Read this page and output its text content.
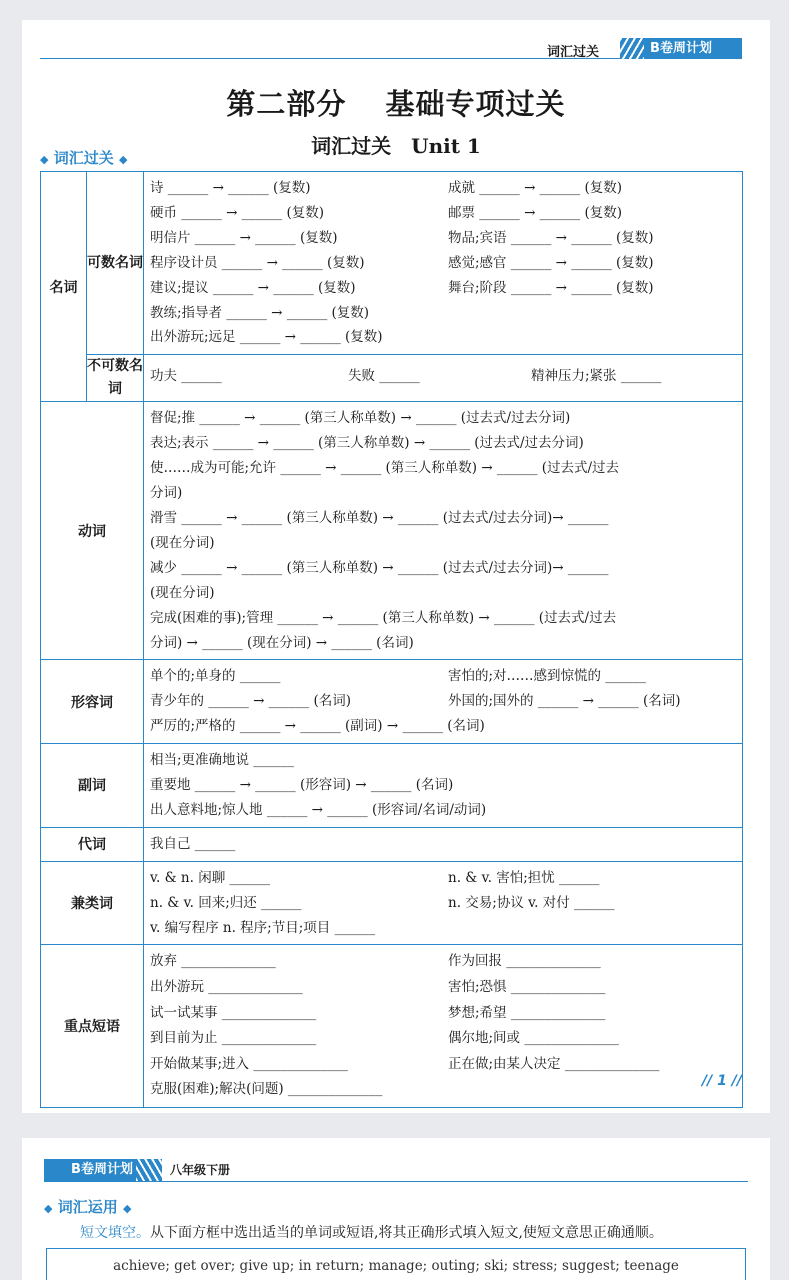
词汇过关	B卷周计划
第二部分 基础专项过关
词汇过关　Unit 1
◆ 词汇过关 ◆
名词
可数名词
诗 ______ → ______ (复数)	成就 ______ → ______ (复数)
硬币 ______ → ______ (复数)	邮票 ______ → ______ (复数)
明信片 ______ → ______ (复数)	物品;宾语 ______ → ______ (复数)
程序设计员 ______ → ______ (复数)	感觉;感官 ______ → ______ (复数)
建议;提议 ______ → ______ (复数)	舞台;阶段 ______ → ______ (复数)
教练;指导者 ______ → ______ (复数)
出外游玩;远足 ______ → ______ (复数)
不可数名词
功夫 ______	失败 ______	精神压力;紧张 ______
动词
督促;推 ______ → ______ (第三人称单数) → ______ (过去式/过去分词)
表达;表示 ______ → ______ (第三人称单数) → ______ (过去式/过去分词)
使……成为可能;允许 ______ → ______ (第三人称单数) → ______ (过去式/过去
分词)
滑雪 ______ → ______ (第三人称单数) → ______ (过去式/过去分词)→ ______
(现在分词)
减少 ______ → ______ (第三人称单数) → ______ (过去式/过去分词)→ ______
(现在分词)
完成(困难的事);管理 ______ → ______ (第三人称单数) → ______ (过去式/过去
分词) → ______ (现在分词) → ______ (名词)
形容词
单个的;单身的 ______	害怕的;对……感到惊慌的 ______
青少年的 ______ → ______ (名词)	外国的;国外的 ______ → ______ (名词)
严厉的;严格的 ______ → ______ (副词) → ______ (名词)
副词
相当;更准确地说 ______
重要地 ______ → ______ (形容词) → ______ (名词)
出人意料地;惊人地 ______ → ______ (形容词/名词/动词)
代词	我自己 ______
兼类词
v. & n. 闲聊 ______	n. & v. 害怕;担忧 ______
n. & v. 回来;归还 ______	n. 交易;协议 v. 对付 ______
v. 编写程序 n. 程序;节目;项目 ______
重点短语
放弃 ______________	作为回报 ______________
出外游玩 ______________	害怕;恐惧 ______________
试一试某事 ______________	梦想;希望 ______________
到目前为止 ______________	偶尔地;间或 ______________
开始做某事;进入 ______________	正在做;由某人决定 ______________
克服(困难);解决(问题) ______________
// 1 //
B卷周计划	八年级下册
◆ 词汇运用 ◆
短文填空。从下面方框中选出适当的单词或短语,将其正确形式填入短文,使短文意思正确通顺。
achieve; get over; give up; in return; manage; outing; ski; stress; suggest; teenage
